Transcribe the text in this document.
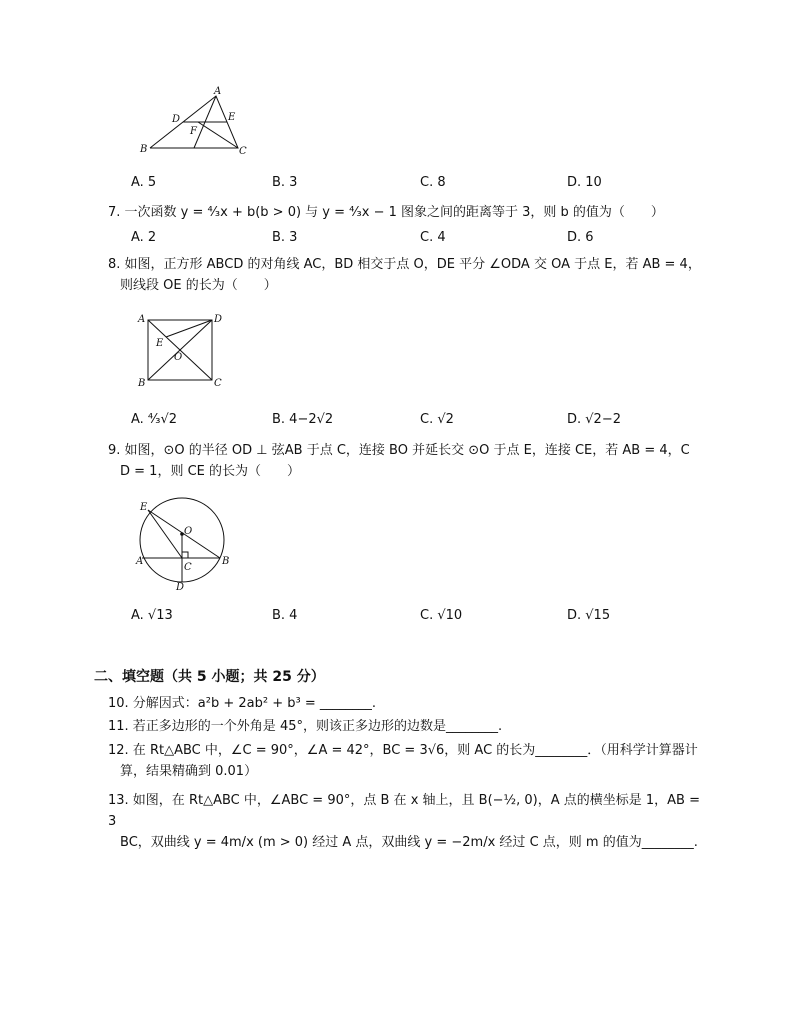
A
D	E
F
B	C
A. 5	B. 3	C. 8	D. 10
7. 一次函数 y = ⁴⁄₃x + b(b > 0) 与 y = ⁴⁄₃x − 1 图象之间的距离等于 3，则 b 的值为（　　）
A. 2	B. 3	C. 4	D. 6
8. 如图，正方形 ABCD 的对角线 AC，BD 相交于点 O，DE 平分 ∠ODA 交 OA 于点 E，若 AB = 4，
则线段 OE 的长为（　　）
A	D
E
O
B	C
A. ⁴⁄₃√2	B. 4−2√2	C. √2	D. √2−2
9. 如图，⊙O 的半径 OD ⊥ 弦AB 于点 C，连接 BO 并延长交 ⊙O 于点 E，连接 CE，若 AB = 4，C
D = 1，则 CE 的长为（　　）
E
O
A
C
B
D
A. √13	B. 4	C. √10	D. √15
二、填空题（共 5 小题；共 25 分）
10. 分解因式：a²b + 2ab² + b³ = ________.
11. 若正多边形的一个外角是 45°，则该正多边形的边数是________.
12. 在 Rt△ABC 中，∠C = 90°，∠A = 42°，BC = 3√6，则 AC 的长为________．（用科学计算器计
算，结果精确到 0.01）
13. 如图，在 Rt△ABC 中，∠ABC = 90°，点 B 在 x 轴上，且 B(−½, 0)，A 点的横坐标是 1，AB = 3
BC，双曲线 y = 4m/x (m > 0) 经过 A 点，双曲线 y = −2m/x 经过 C 点，则 m 的值为________.
